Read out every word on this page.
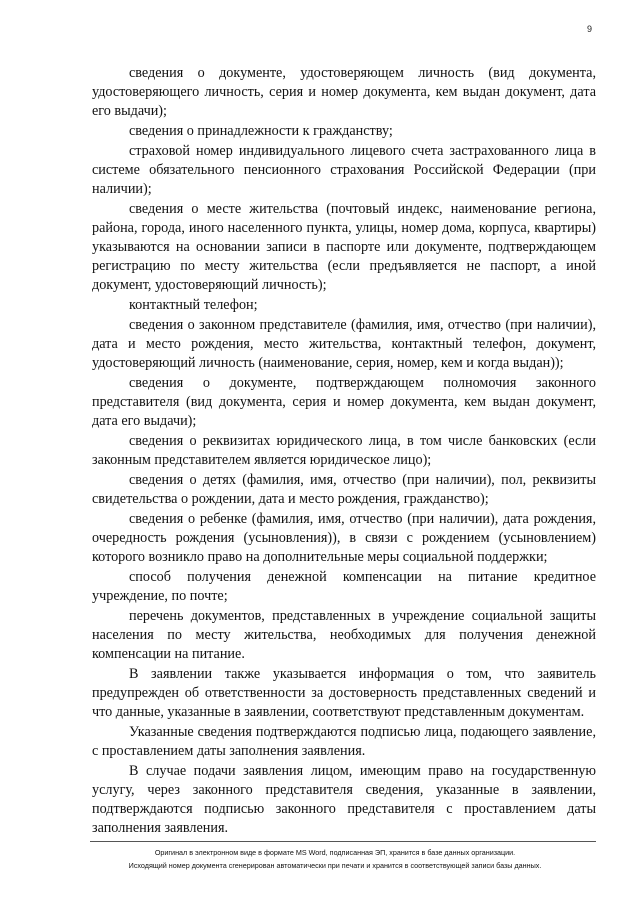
9

сведения о документе, удостоверяющем личность (вид документа, удостоверяющего личность, серия и номер документа, кем выдан документ, дата его выдачи);

сведения о принадлежности к гражданству;

страховой номер индивидуального лицевого счета застрахованного лица в системе обязательного пенсионного страхования Российской Федерации (при наличии);

сведения о месте жительства (почтовый индекс, наименование региона, района, города, иного населенного пункта, улицы, номер дома, корпуса, квартиры) указываются на основании записи в паспорте или документе, подтверждающем регистрацию по месту жительства (если предъявляется не паспорт, а иной документ, удостоверяющий личность);

контактный телефон;

сведения о законном представителе (фамилия, имя, отчество (при наличии), дата и место рождения, место жительства, контактный телефон, документ, удостоверяющий личность (наименование, серия, номер, кем и когда выдан));

сведения о документе, подтверждающем полномочия законного представителя (вид документа, серия и номер документа, кем выдан документ, дата его выдачи);

сведения о реквизитах юридического лица, в том числе банковских (если законным представителем является юридическое лицо);

сведения о детях (фамилия, имя, отчество (при наличии), пол, реквизиты свидетельства о рождении, дата и место рождения, гражданство);

сведения о ребенке (фамилия, имя, отчество (при наличии), дата рождения, очередность рождения (усыновления)), в связи с рождением (усыновлением) которого возникло право на дополнительные меры социальной поддержки;

способ получения денежной компенсации на питание кредитное учреждение, по почте;

перечень документов, представленных в учреждение социальной защиты населения по месту жительства, необходимых для получения денежной компенсации на питание.

В заявлении также указывается информация о том, что заявитель предупрежден об ответственности за достоверность представленных сведений и что данные, указанные в заявлении, соответствуют представленным документам.

Указанные сведения подтверждаются подписью лица, подающего заявление, с проставлением даты заполнения заявления.

В случае подачи заявления лицом, имеющим право на государственную услугу, через законного представителя сведения, указанные в заявлении, подтверждаются подписью законного представителя с проставлением даты заполнения заявления.

Оригинал в электронном виде в формате MS Word, подписанная ЭП, хранится в базе данных организации.
Исходящий номер документа сгенерирован автоматически при печати и хранится в соответствующей записи базы данных.
